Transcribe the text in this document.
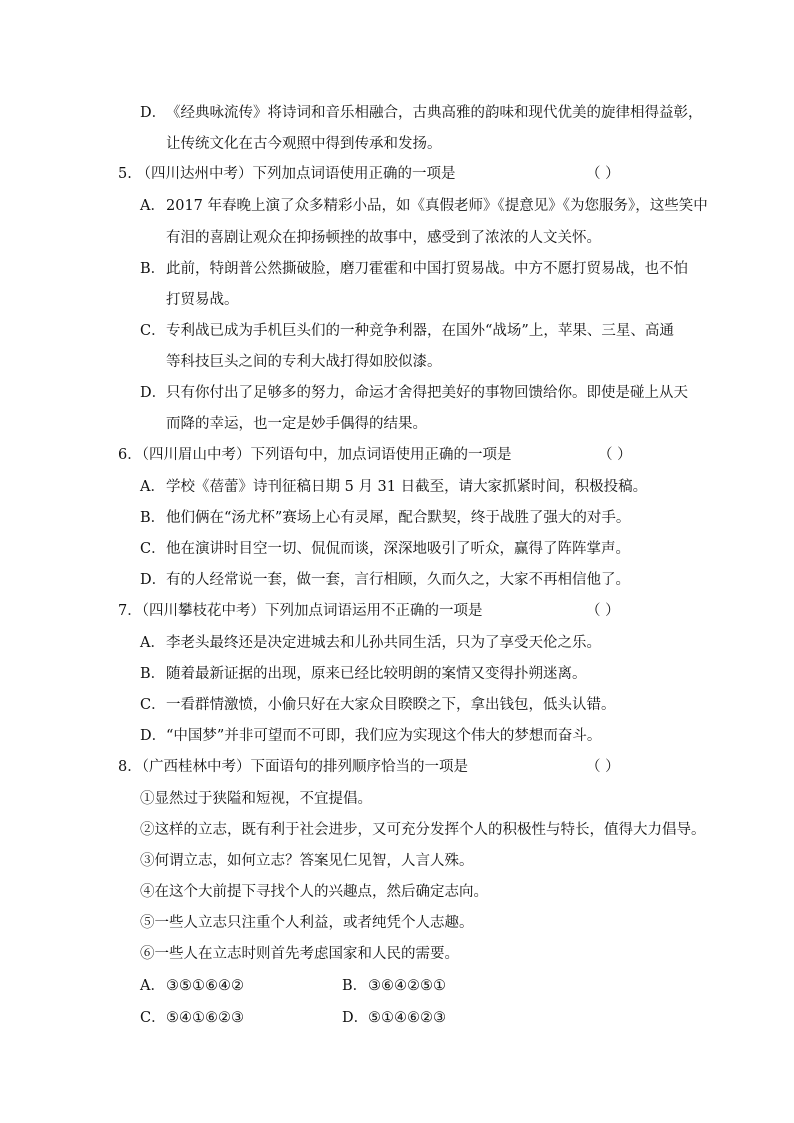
D．《经典咏流传》将诗词和音乐相融合，古典高雅的韵味和现代优美的旋律相得益彰，
让传统文化在古今观照中得到传承和发扬。
5. （四川达州中考）下列加点词语使用正确的一项是	（ ）
A．2017 年春晚上演了众多精彩小品，如《真假老师》《提意见》《为您服务》，这些笑中
有泪的喜剧让观众在抑扬顿挫的故事中，感受到了浓浓的人文关怀。
B．此前，特朗普公然撕破脸，磨刀霍霍和中国打贸易战。中方不愿打贸易战，也不怕
打贸易战。
C．专利战已成为手机巨头们的一种竞争利器，在国外“战场”上，苹果、三星、高通
等科技巨头之间的专利大战打得如胶似漆。
D．只有你付出了足够多的努力，命运才舍得把美好的事物回馈给你。即使是碰上从天
而降的幸运，也一定是妙手偶得的结果。
6．（四川眉山中考）下列语句中，加点词语使用正确的一项是	（ ）
A．学校《蓓蕾》诗刊征稿日期 5 月 31 日截至，请大家抓紧时间，积极投稿。
B．他们俩在“汤尤杯”赛场上心有灵犀，配合默契，终于战胜了强大的对手。
C．他在演讲时目空一切、侃侃而谈，深深地吸引了听众，赢得了阵阵掌声。
D．有的人经常说一套，做一套，言行相顾，久而久之，大家不再相信他了。
7．（四川攀枝花中考）下列加点词语运用不正确的一项是	（ ）
A．李老头最终还是决定进城去和儿孙共同生活，只为了享受天伦之乐。
B．随着最新证据的出现，原来已经比较明朗的案情又变得扑朔迷离。
C．一看群情激愤，小偷只好在大家众目睽睽之下，拿出钱包，低头认错。
D．“中国梦”并非可望而不可即，我们应为实现这个伟大的梦想而奋斗。
8．（广西桂林中考）下面语句的排列顺序恰当的一项是	（ ）
①显然过于狭隘和短视，不宜提倡。
②这样的立志，既有利于社会进步，又可充分发挥个人的积极性与特长，值得大力倡导。
③何谓立志，如何立志？答案见仁见智，人言人殊。
④在这个大前提下寻找个人的兴趣点，然后确定志向。
⑤一些人立志只注重个人利益，或者纯凭个人志趣。
⑥一些人在立志时则首先考虑国家和人民的需要。
A．③⑤①⑥④②	B．③⑥④②⑤①
C．⑤④①⑥②③	D．⑤①④⑥②③
